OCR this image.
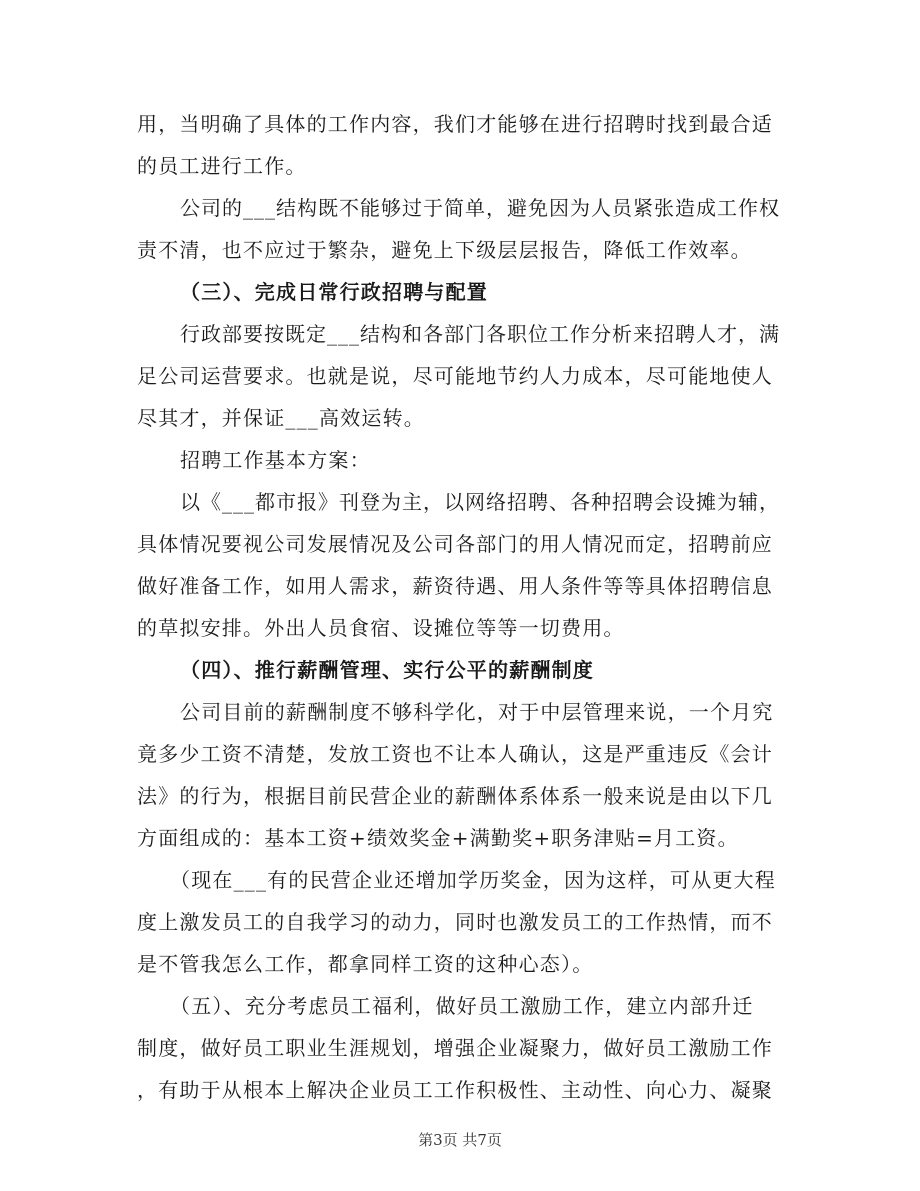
用，当明确了具体的工作内容，我们才能够在进行招聘时找到最合适
的员工进行工作。
公司的___结构既不能够过于简单，避免因为人员紧张造成工作权
责不清，也不应过于繁杂，避免上下级层层报告，降低工作效率。
（三）、完成日常行政招聘与配置
行政部要按既定___结构和各部门各职位工作分析来招聘人才，满
足公司运营要求。也就是说，尽可能地节约人力成本，尽可能地使人
尽其才，并保证___高效运转。
招聘工作基本方案：
以《___都市报》刊登为主，以网络招聘、各种招聘会设摊为辅，
具体情况要视公司发展情况及公司各部门的用人情况而定，招聘前应
做好准备工作，如用人需求，薪资待遇、用人条件等等具体招聘信息
的草拟安排。外出人员食宿、设摊位等等一切费用。
（四）、推行薪酬管理、实行公平的薪酬制度
公司目前的薪酬制度不够科学化，对于中层管理来说，一个月究
竟多少工资不清楚，发放工资也不让本人确认，这是严重违反《会计
法》的行为，根据目前民营企业的薪酬体系体系一般来说是由以下几
方面组成的：基本工资+绩效奖金+满勤奖+职务津贴=月工资。
（现在___有的民营企业还增加学历奖金，因为这样，可从更大程
度上激发员工的自我学习的动力，同时也激发员工的工作热情，而不
是不管我怎么工作，都拿同样工资的这种心态）。
（五）、充分考虑员工福利，做好员工激励工作，建立内部升迁
制度，做好员工职业生涯规划，增强企业凝聚力，做好员工激励工作
，有助于从根本上解决企业员工工作积极性、主动性、向心力、凝聚
第3页 共7页
